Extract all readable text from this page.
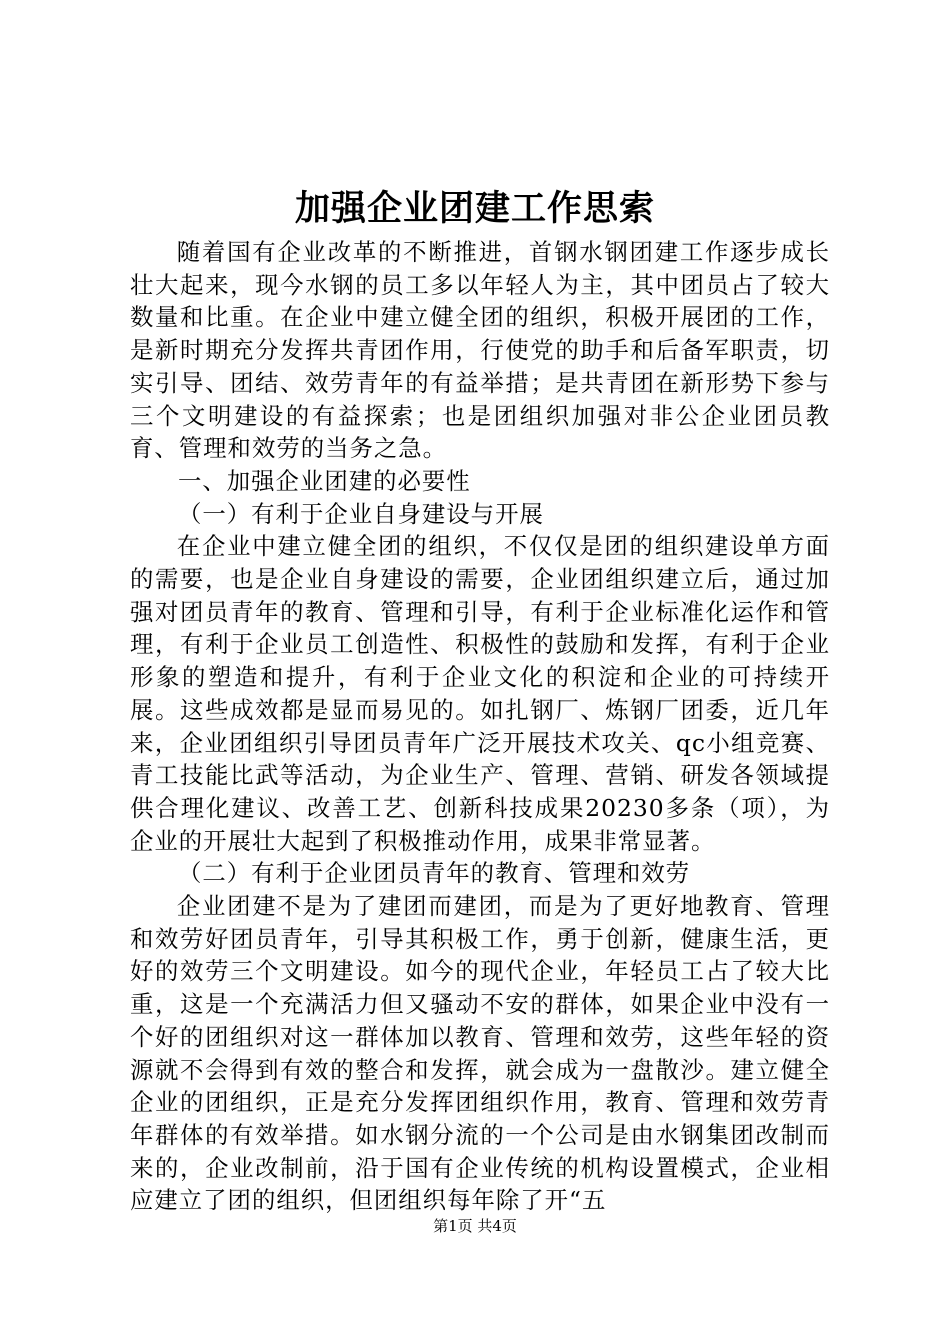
加强企业团建工作思索

随着国有企业改革的不断推进，首钢水钢团建工作逐步成长壮大起来，现今水钢的员工多以年轻人为主，其中团员占了较大数量和比重。在企业中建立健全团的组织，积极开展团的工作，是新时期充分发挥共青团作用，行使党的助手和后备军职责，切实引导、团结、效劳青年的有益举措；是共青团在新形势下参与三个文明建设的有益探索；也是团组织加强对非公企业团员教育、管理和效劳的当务之急。

一、加强企业团建的必要性

（一）有利于企业自身建设与开展

在企业中建立健全团的组织，不仅仅是团的组织建设单方面的需要，也是企业自身建设的需要，企业团组织建立后，通过加强对团员青年的教育、管理和引导，有利于企业标准化运作和管理，有利于企业员工创造性、积极性的鼓励和发挥，有利于企业形象的塑造和提升，有利于企业文化的积淀和企业的可持续开展。这些成效都是显而易见的。如扎钢厂、炼钢厂团委，近几年来，企业团组织引导团员青年广泛开展技术攻关、qc小组竞赛、青工技能比武等活动，为企业生产、管理、营销、研发各领域提供合理化建议、改善工艺、创新科技成果20230多条（项），为企业的开展壮大起到了积极推动作用，成果非常显著。

（二）有利于企业团员青年的教育、管理和效劳

企业团建不是为了建团而建团，而是为了更好地教育、管理和效劳好团员青年，引导其积极工作，勇于创新，健康生活，更好的效劳三个文明建设。如今的现代企业，年轻员工占了较大比重，这是一个充满活力但又骚动不安的群体，如果企业中没有一个好的团组织对这一群体加以教育、管理和效劳，这些年轻的资源就不会得到有效的整合和发挥，就会成为一盘散沙。建立健全企业的团组织，正是充分发挥团组织作用，教育、管理和效劳青年群体的有效举措。如水钢分流的一个公司是由水钢集团改制而来的，企业改制前，沿于国有企业传统的机构设置模式，企业相应建立了团的组织，但团组织每年除了开“五

第1页 共4页
